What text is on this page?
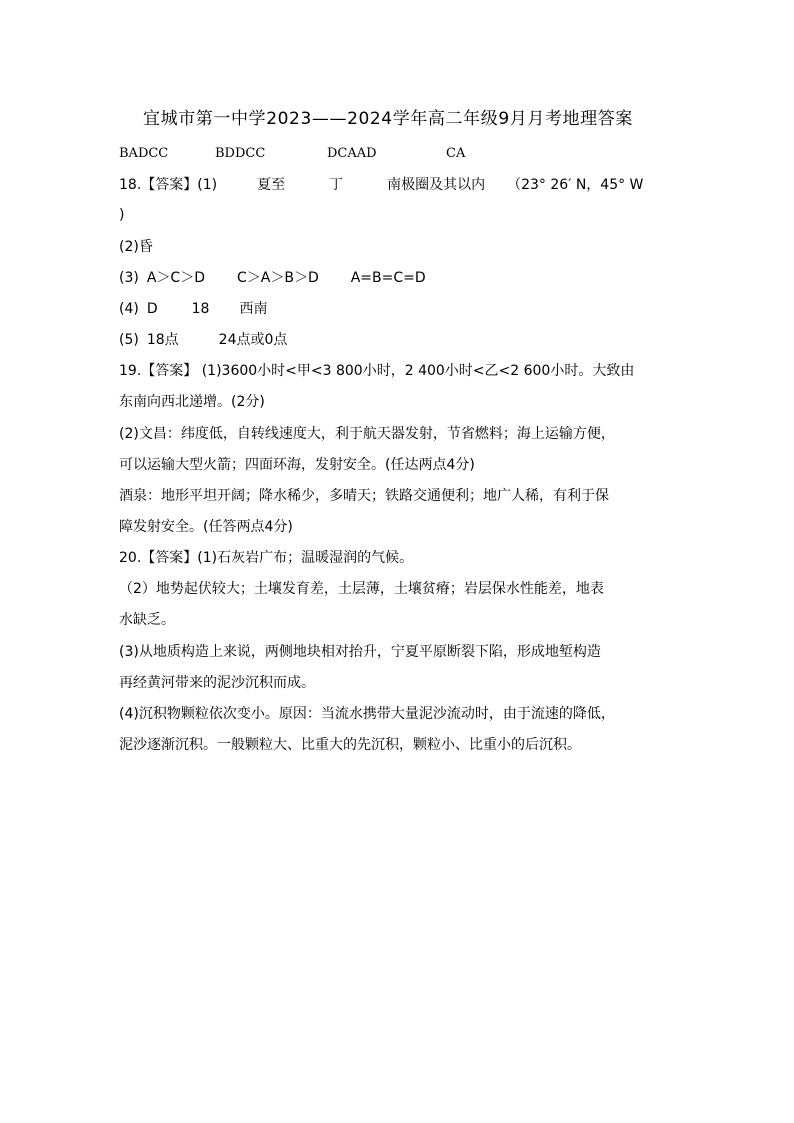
宜城市第一中学2023——2024学年高二年级9月月考地理答案
BADCC	BDDCC	DCAAD	CA
18.【答案】(1)	夏至	丁	南极圈及其以内 （23° 26′ N，45° W
)
(2)昏
(3) A＞C＞D C＞A＞B＞D A=B=C=D
(4) D 18 西南
(5) 18点	24点或0点
19.【答案】 (1)3600小时<甲<3 800小时，2 400小时<乙<2 600小时。大致由
东南向西北递增。(2分)
(2)文昌：纬度低，自转线速度大，利于航天器发射，节省燃料；海上运输方便，
可以运输大型火箭；四面环海，发射安全。(任达两点4分)
酒泉：地形平坦开阔；降水稀少，多晴天；铁路交通便利；地广人稀，有利于保
障发射安全。(任答两点4分)
20.【答案】(1)石灰岩广布；温暖湿润的气候。
（2）地势起伏较大；土壤发育差，土层薄，土壤贫瘠；岩层保水性能差，地表
水缺乏。
(3)从地质构造上来说，两侧地块相对抬升，宁夏平原断裂下陷，形成地堑构造
再经黄河带来的泥沙沉积而成。
(4)沉积物颗粒依次变小。原因：当流水携带大量泥沙流动时，由于流速的降低，
泥沙逐渐沉积。一般颗粒大、比重大的先沉积，颗粒小、比重小的后沉积。
